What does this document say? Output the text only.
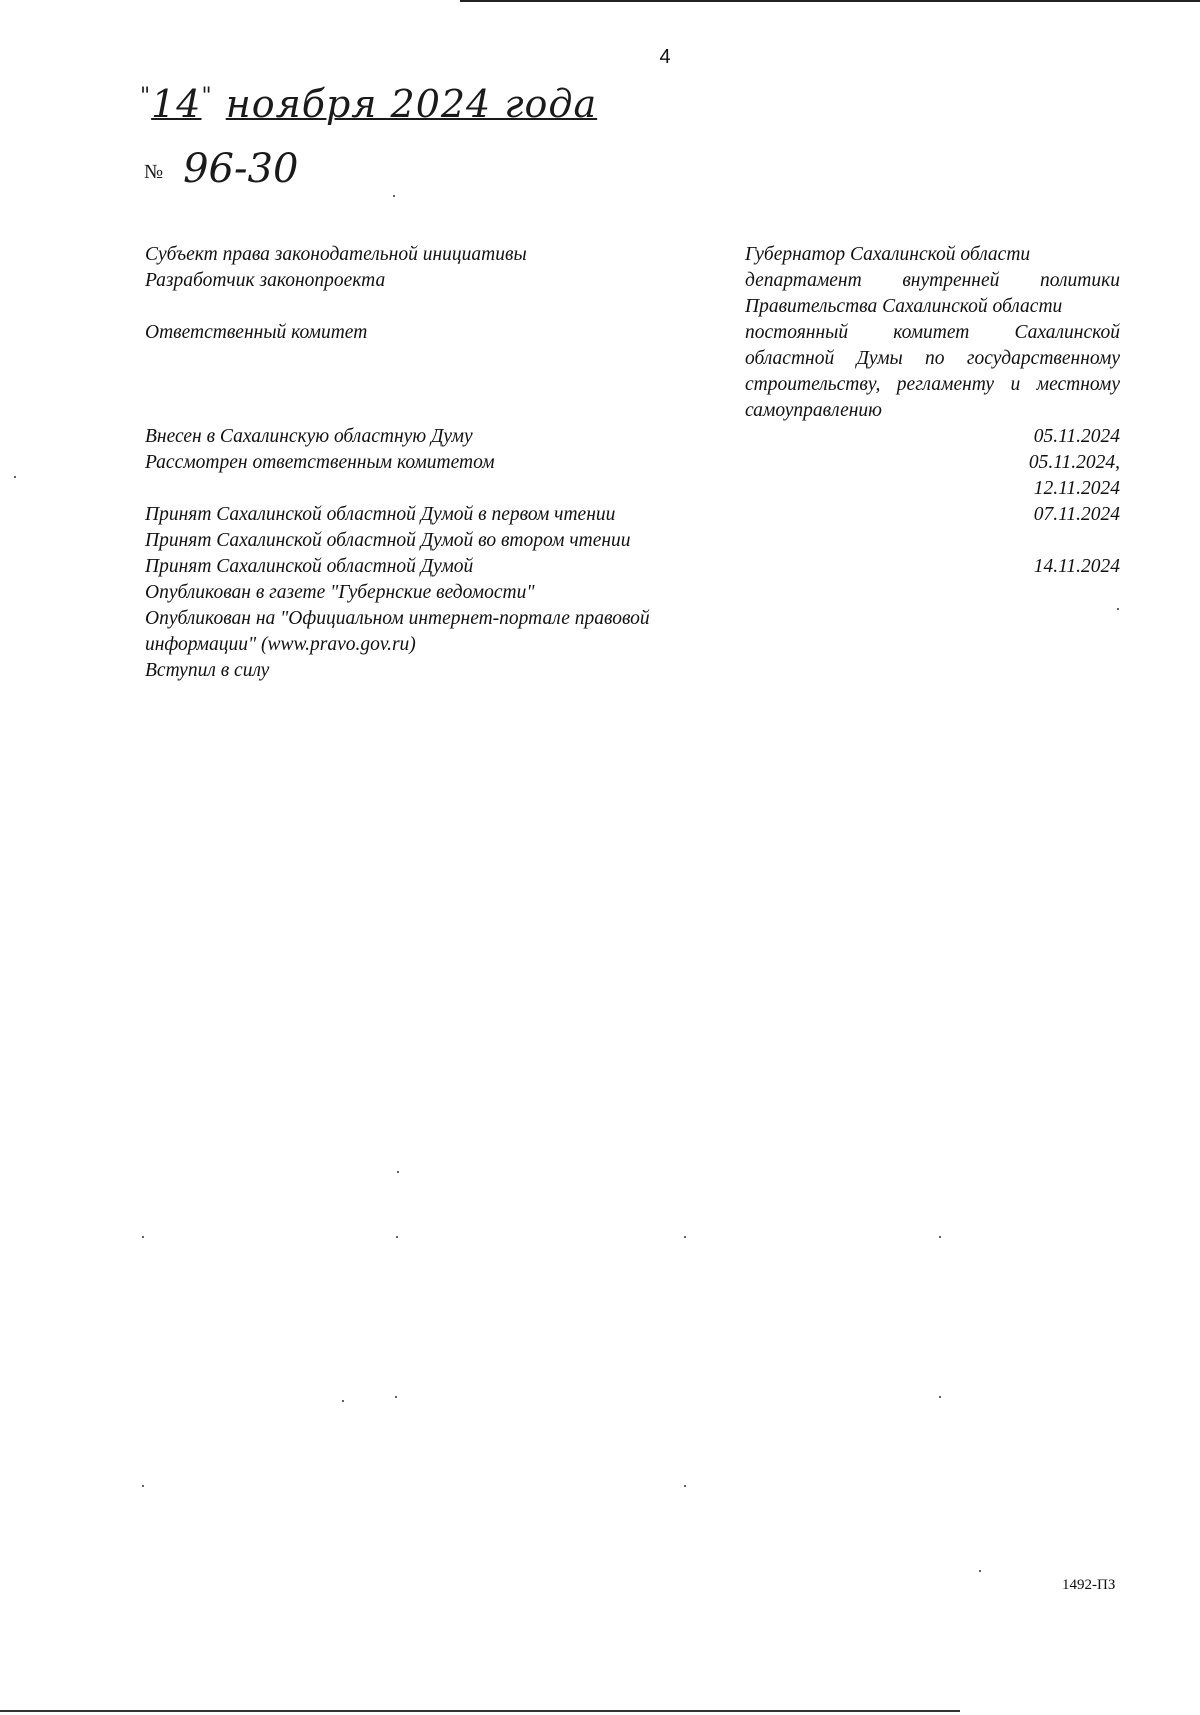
4
"14" ноября 2024 года
№ 96-30
Субъект права законодательной инициативы	Губернатор Сахалинской области
Разработчик законопроекта	департамент внутренней политики Правительства Сахалинской области
Ответственный комитет	постоянный комитет Сахалинской областной Думы по государственному строительству, регламенту и местному самоуправлению
Внесен в Сахалинскую областную Думу	05.11.2024
Рассмотрен ответственным комитетом	05.11.2024,
12.11.2024
Принят Сахалинской областной Думой в первом чтении	07.11.2024
Принят Сахалинской областной Думой во втором чтении
Принят Сахалинской областной Думой	14.11.2024
Опубликован в газете "Губернские ведомости"
Опубликован на "Официальном интернет-портале правовой информации" (www.pravo.gov.ru)
Вступил в силу
1492-ПЗ
